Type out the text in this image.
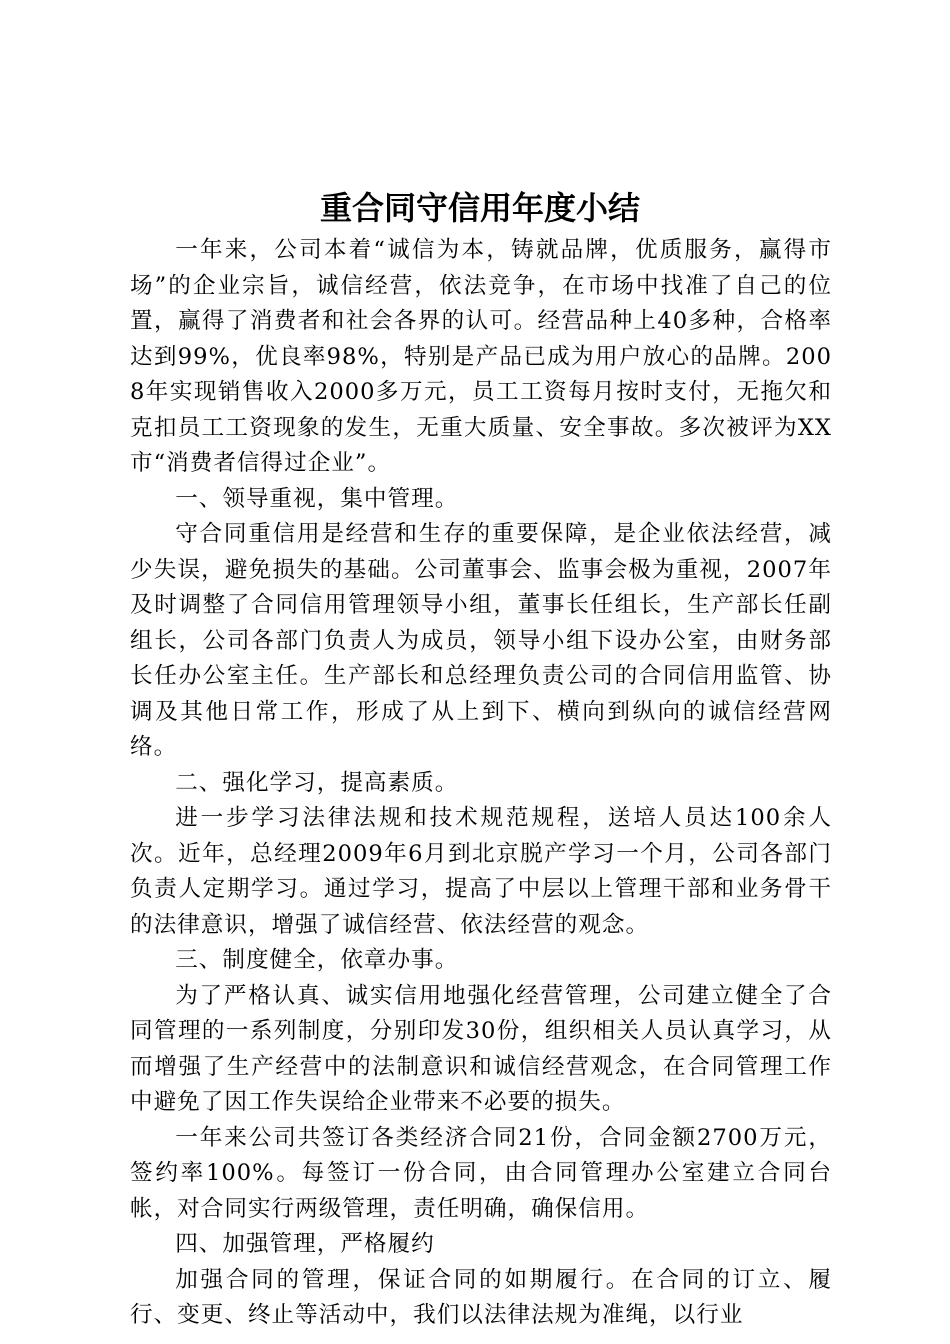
重合同守信用年度小结

一年来，公司本着“诚信为本，铸就品牌，优质服务，赢得市场”的企业宗旨，诚信经营，依法竞争，在市场中找准了自己的位置，赢得了消费者和社会各界的认可。经营品种上40多种，合格率达到99%，优良率98%，特别是产品已成为用户放心的品牌。2008年实现销售收入2000多万元，员工工资每月按时支付，无拖欠和克扣员工工资现象的发生，无重大质量、安全事故。多次被评为XX市“消费者信得过企业”。

一、领导重视，集中管理。

守合同重信用是经营和生存的重要保障，是企业依法经营，减少失误，避免损失的基础。公司董事会、监事会极为重视，2007年及时调整了合同信用管理领导小组，董事长任组长，生产部长任副组长，公司各部门负责人为成员，领导小组下设办公室，由财务部长任办公室主任。生产部长和总经理负责公司的合同信用监管、协调及其他日常工作，形成了从上到下、横向到纵向的诚信经营网络。

二、强化学习，提高素质。

进一步学习法律法规和技术规范规程，送培人员达100余人次。近年，总经理2009年6月到北京脱产学习一个月，公司各部门负责人定期学习。通过学习，提高了中层以上管理干部和业务骨干的法律意识，增强了诚信经营、依法经营的观念。

三、制度健全，依章办事。

为了严格认真、诚实信用地强化经营管理，公司建立健全了合同管理的一系列制度，分别印发30份，组织相关人员认真学习，从而增强了生产经营中的法制意识和诚信经营观念，在合同管理工作中避免了因工作失误给企业带来不必要的损失。

一年来公司共签订各类经济合同21份，合同金额2700万元，签约率100%。每签订一份合同，由合同管理办公室建立合同台帐，对合同实行两级管理，责任明确，确保信用。

四、加强管理，严格履约

加强合同的管理，保证合同的如期履行。在合同的订立、履行、变更、终止等活动中，我们以法律法规为准绳，以行业
